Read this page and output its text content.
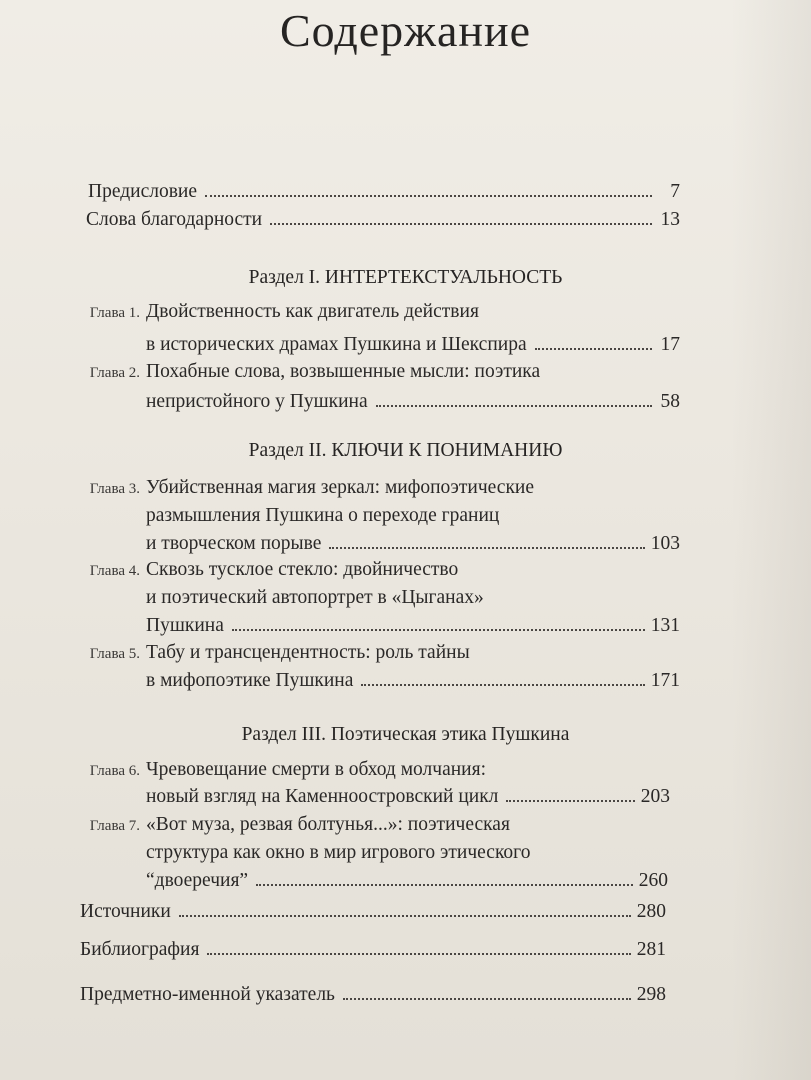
Содержание
Предисловие	7
Слова благодарности	13
Раздел I. ИНТЕРТЕКСТУАЛЬНОСТЬ
Глава 1. Двойственность как двигатель действия
в исторических драмах Пушкина и Шекспира	17
Глава 2. Похабные слова, возвышенные мысли: поэтика
непристойного у Пушкина	58
Раздел II. КЛЮЧИ К ПОНИМАНИЮ
Глава 3. Убийственная магия зеркал: мифопоэтические
размышления Пушкина о переходе границ
и творческом порыве	103
Глава 4. Сквозь тусклое стекло: двойничество
и поэтический автопортрет в «Цыганах»
Пушкина	131
Глава 5. Табу и трансцендентность: роль тайны
в мифопоэтике Пушкина	171
Раздел III. Поэтическая этика Пушкина
Глава 6. Чревовещание смерти в обход молчания:
новый взгляд на Каменноостровский цикл	203
Глава 7. «Вот муза, резвая болтунья...»: поэтическая
структура как окно в мир игрового этического
“двоеречия”	260
Источники	280
Библиография	281
Предметно-именной указатель	298
